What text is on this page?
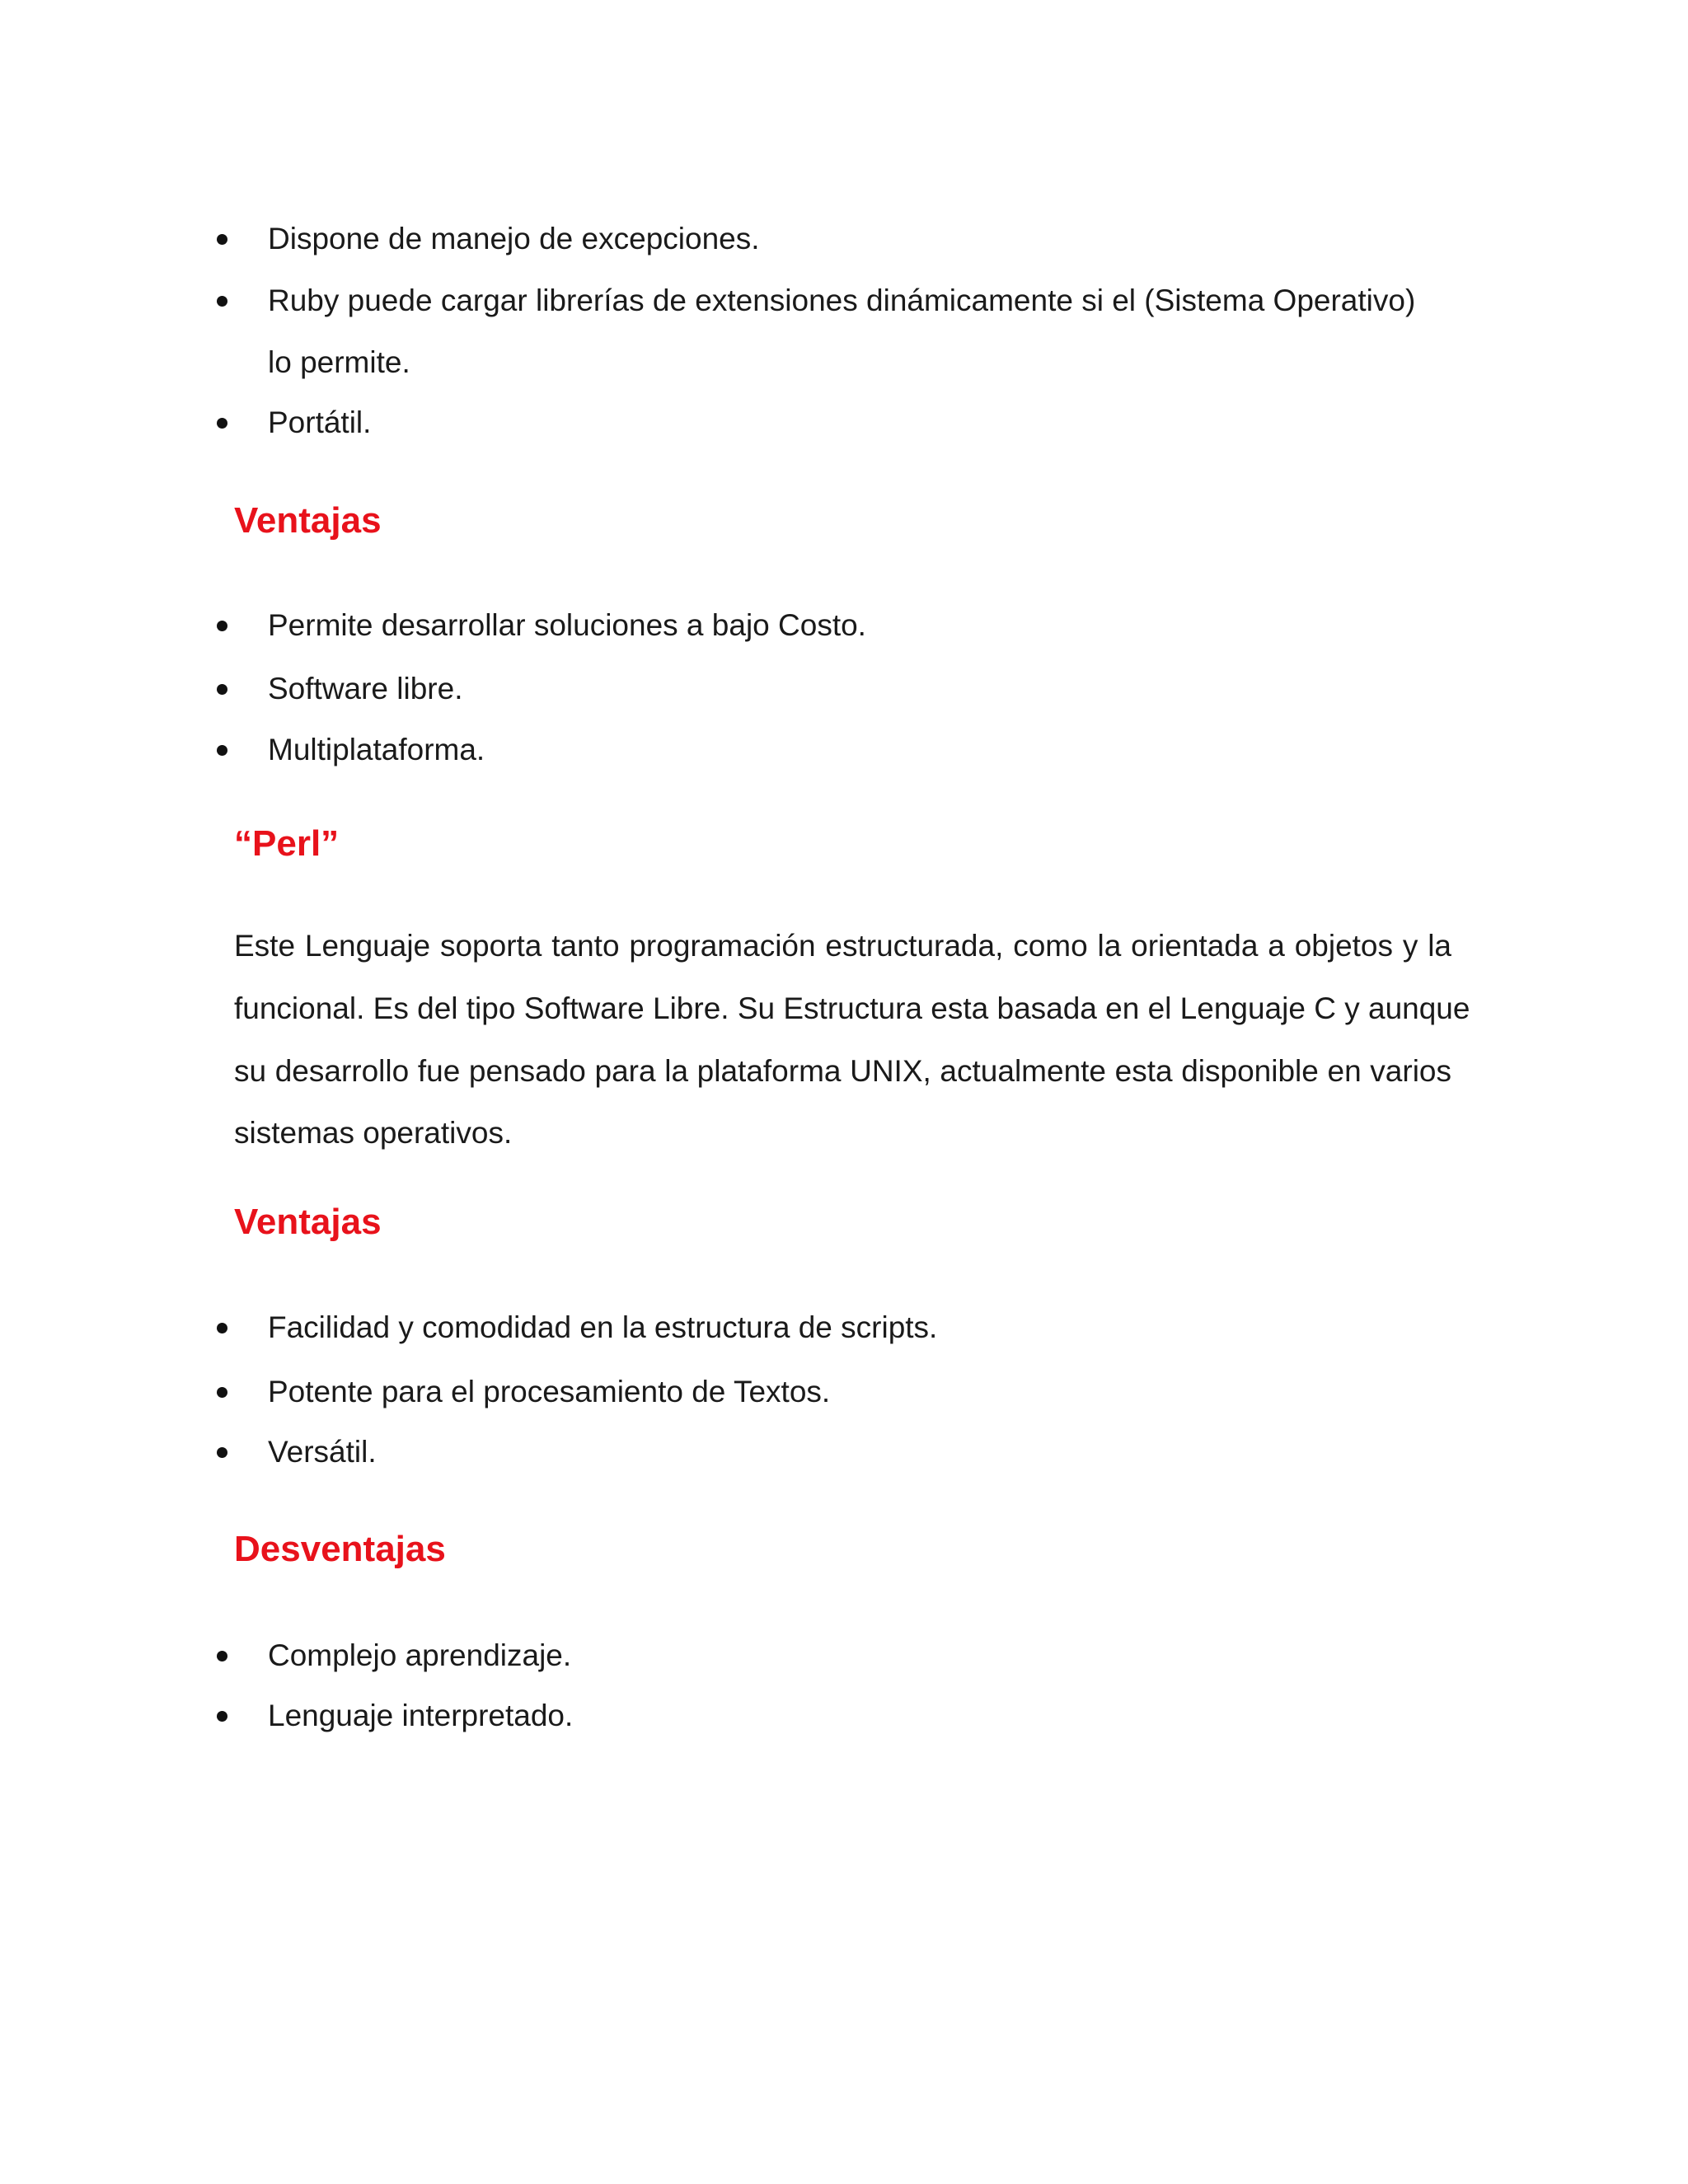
Dispone de manejo de excepciones.
Ruby puede cargar librerías de extensiones dinámicamente si el (Sistema Operativo)
lo permite.
Portátil.
Ventajas
Permite desarrollar soluciones a bajo Costo.
Software libre.
Multiplataforma.
“Perl”
Este Lenguaje soporta tanto programación estructurada, como la orientada a objetos y la
funcional. Es del tipo Software Libre. Su Estructura esta basada en el Lenguaje C y aunque
su desarrollo fue pensado para la plataforma UNIX, actualmente esta disponible en varios
sistemas operativos.
Ventajas
Facilidad y comodidad en la estructura de scripts.
Potente para el procesamiento de Textos.
Versátil.
Desventajas
Complejo aprendizaje.
Lenguaje interpretado.
